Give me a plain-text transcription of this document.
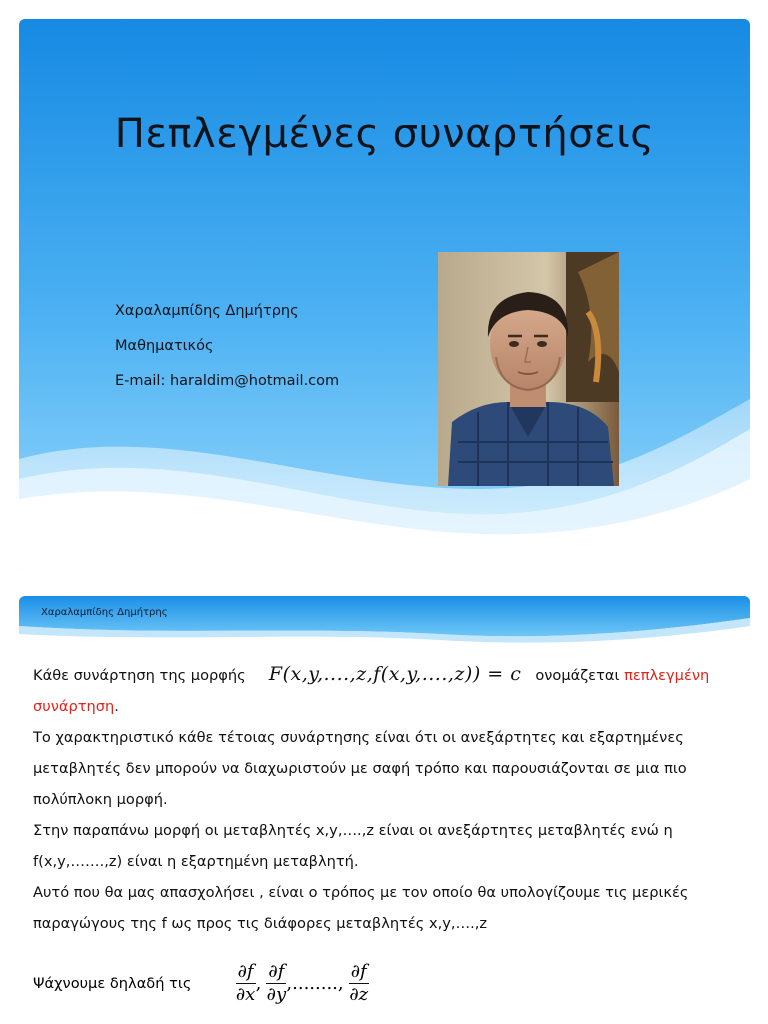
Πεπλεγμένες συναρτήσεις
Χαραλαμπίδης Δημήτρης
Μαθηματικός
E-mail: haraldim@hotmail.com
Χαραλαμπίδης Δημήτρης

Κάθε συνάρτηση της μορφής F(x,y,....,z,f(x,y,....,z)) = c ονομάζεται πεπλεγμένη
συνάρτηση.

Το χαρακτηριστικό κάθε τέτοιας συνάρτησης είναι ότι οι ανεξάρτητες και εξαρτημένες μεταβλητές δεν μπορούν να διαχωριστούν με σαφή τρόπο και παρουσιάζονται σε μια πιο πολύπλοκη μορφή.

Στην παραπάνω μορφή οι μεταβλητές x,y,….,z είναι οι ανεξάρτητες μεταβλητές ενώ η f(x,y,…….,z) είναι η εξαρτημένη μεταβλητή.

Αυτό που θα μας απασχολήσει , είναι ο τρόπος με τον οποίο θα υπολογίζουμε τις μερικές παραγώγους της f ως προς τις διάφορες μεταβλητές x,y,….,z

Ψάχνουμε δηλαδή τις $\frac{\partial f}{\partial x}$ , $\frac{\partial f}{\partial y}$ ,........, $\frac{\partial f}{\partial z}$
